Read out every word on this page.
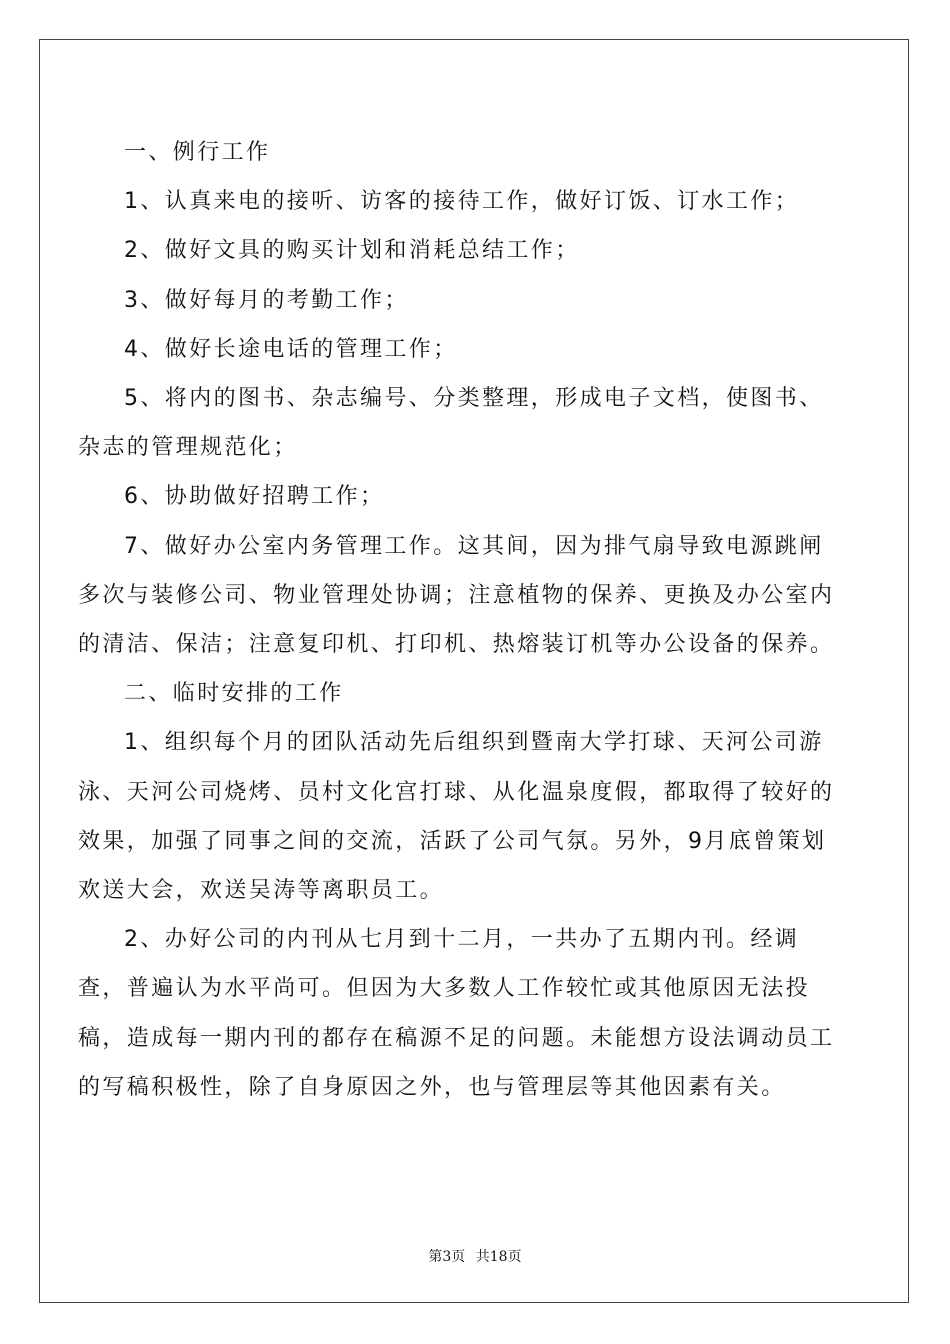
一、例行工作

1、认真来电的接听、访客的接待工作，做好订饭、订水工作；

2、做好文具的购买计划和消耗总结工作；

3、做好每月的考勤工作；

4、做好长途电话的管理工作；

5、将内的图书、杂志编号、分类整理，形成电子文档，使图书、杂志的管理规范化；

6、协助做好招聘工作；

7、做好办公室内务管理工作。这其间，因为排气扇导致电源跳闸多次与装修公司、物业管理处协调；注意植物的保养、更换及办公室内的清洁、保洁；注意复印机、打印机、热熔装订机等办公设备的保养。

二、临时安排的工作

1、组织每个月的团队活动先后组织到暨南大学打球、天河公司游泳、天河公司烧烤、员村文化宫打球、从化温泉度假，都取得了较好的效果，加强了同事之间的交流，活跃了公司气氛。另外，9月底曾策划欢送大会，欢送吴涛等离职员工。

2、办好公司的内刊从七月到十二月，一共办了五期内刊。经调查，普遍认为水平尚可。但因为大多数人工作较忙或其他原因无法投稿，造成每一期内刊的都存在稿源不足的问题。未能想方设法调动员工的写稿积极性，除了自身原因之外，也与管理层等其他因素有关。

第3页 共18页
